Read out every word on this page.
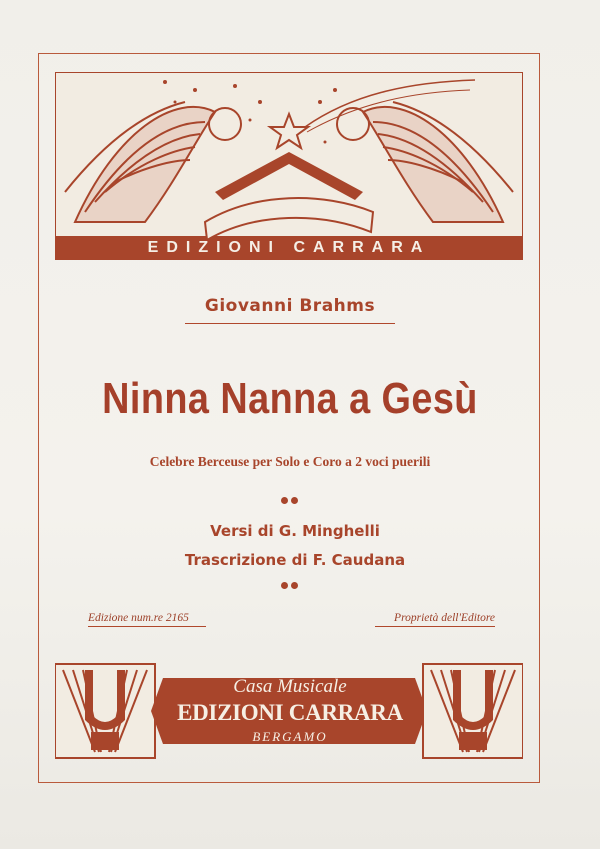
EDIZIONI CARRARA
Giovanni Brahms
Ninna Nanna a Gesù
Celebre Berceuse per Solo e Coro a 2 voci puerili
Versi di G. Minghelli
Trascrizione di F. Caudana
Edizione num.re 2165	Proprietà dell'Editore
Casa Musicale
EDIZIONI CARRARA
BERGAMO
